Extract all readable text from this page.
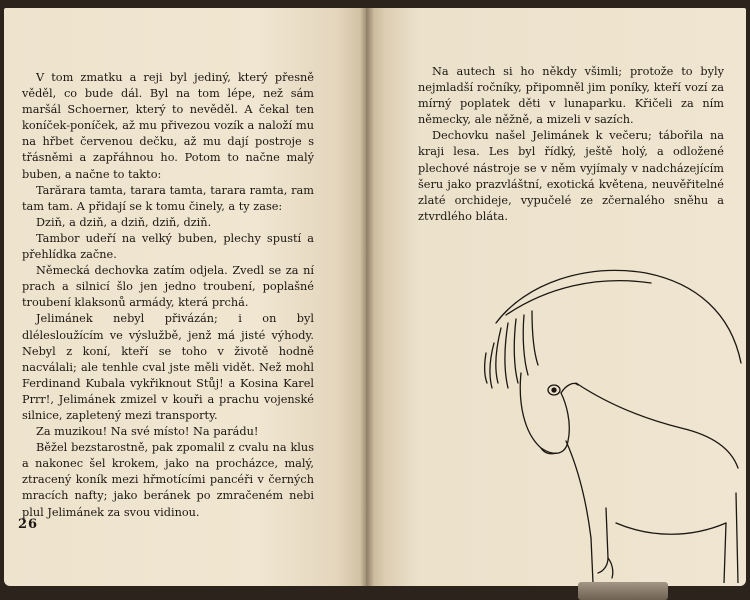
V tom zmatku a reji byl jediný, který přesně věděl, co bude dál. Byl na tom lépe, než sám maršál Schoerner, který to nevěděl. A čekal ten koníček-poníček, až mu přivezou vozík a naloží mu na hřbet červenou dečku, až mu dají postroje s třásněmi a zapřáhnou ho. Potom to načne malý buben, a načne to takto:

Tarărara tamta, tarara tamta, tarara ramta, ram tam tam. A přidají se k tomu činely, a ty zase:

Dziň, a dziň, a dziň, dziň, dziň.

Tambor udeří na velký buben, plechy spustí a přehlídka začne.

Německá dechovka zatím odjela. Zvedl se za ní prach a silnicí šlo jen jedno troubení, poplašné troubení klaksonů armády, která prchá.

Jelimánek nebyl přivázán; i on byl dlélesloužícím ve výslužbě, jenž má jisté výhody. Nebyl z koní, kteří se toho v životě hodně nacválali; ale tenhle cval jste měli vidět. Než mohl Ferdinand Kubala vykřiknout Stůj! a Kosina Karel Prrr!, Jelimánek zmizel v kouři a prachu vojenské silnice, zapletený mezi transporty.

Za muzikou! Na své místo! Na parádu!

Běžel bezstarostně, pak zpomalil z cvalu na klus a nakonec šel krokem, jako na procházce, malý, ztracený koník mezi hřmotícími pancéři v černých mracích nafty; jako beránek po zmračeném nebi plul Jelimánek za svou vidinou.

26

Na autech si ho někdy všimli; protože to byly nejmladší ročníky, připomněl jim poníky, kteří vozí za mírný poplatek děti v lunaparku. Křičeli za ním německy, ale něžně, a mizeli v sazích.

Dechovku našel Jelimánek k večeru; tábořila na kraji lesa. Les byl řídký, ještě holý, a odložené plechové nástroje se v něm vyjímaly v nadcházejícím šeru jako prazvláštní, exotická květena, neuvěřitelné zlaté orchideje, vypučelé ze zčernalého sněhu a ztvrdlého bláta.
